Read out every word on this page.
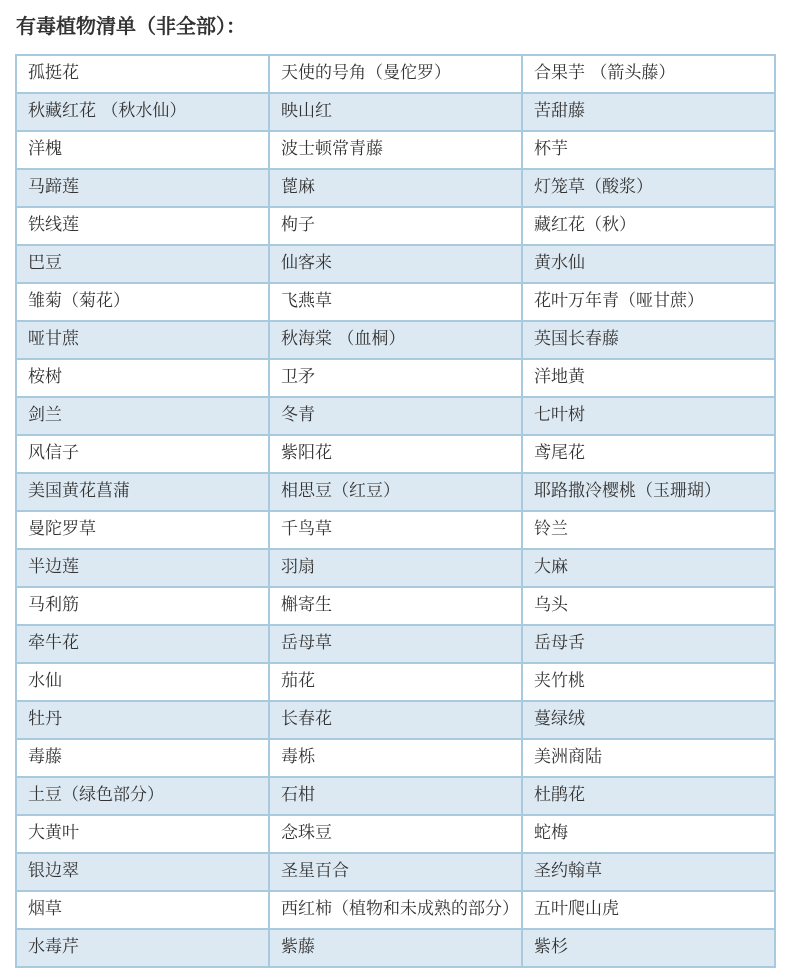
有毒植物清单（非全部）：
孤挺花	天使的号角（曼佗罗）	合果芋 （箭头藤）
秋藏红花 （秋水仙）	映山红	苦甜藤
洋槐	波士顿常青藤	杯芋
马蹄莲	蓖麻	灯笼草（酸浆）
铁线莲	枸子	藏红花（秋）
巴豆	仙客来	黄水仙
雏菊（菊花）	飞燕草	花叶万年青（哑甘蔗）
哑甘蔗	秋海棠 （血桐）	英国长春藤
桉树	卫矛	洋地黄
剑兰	冬青	七叶树
风信子	紫阳花	鸢尾花
美国黄花菖蒲	相思豆（红豆）	耶路撒冷樱桃（玉珊瑚）
曼陀罗草	千鸟草	铃兰
半边莲	羽扇	大麻
马利筋	槲寄生	乌头
牵牛花	岳母草	岳母舌
水仙	茄花	夹竹桃
牡丹	长春花	蔓绿绒
毒藤	毒栎	美洲商陆
土豆（绿色部分）	石柑	杜鹃花
大黄叶	念珠豆	蛇梅
银边翠	圣星百合	圣约翰草
烟草	西红柿（植物和未成熟的部分）	五叶爬山虎
水毒芹	紫藤	紫杉
